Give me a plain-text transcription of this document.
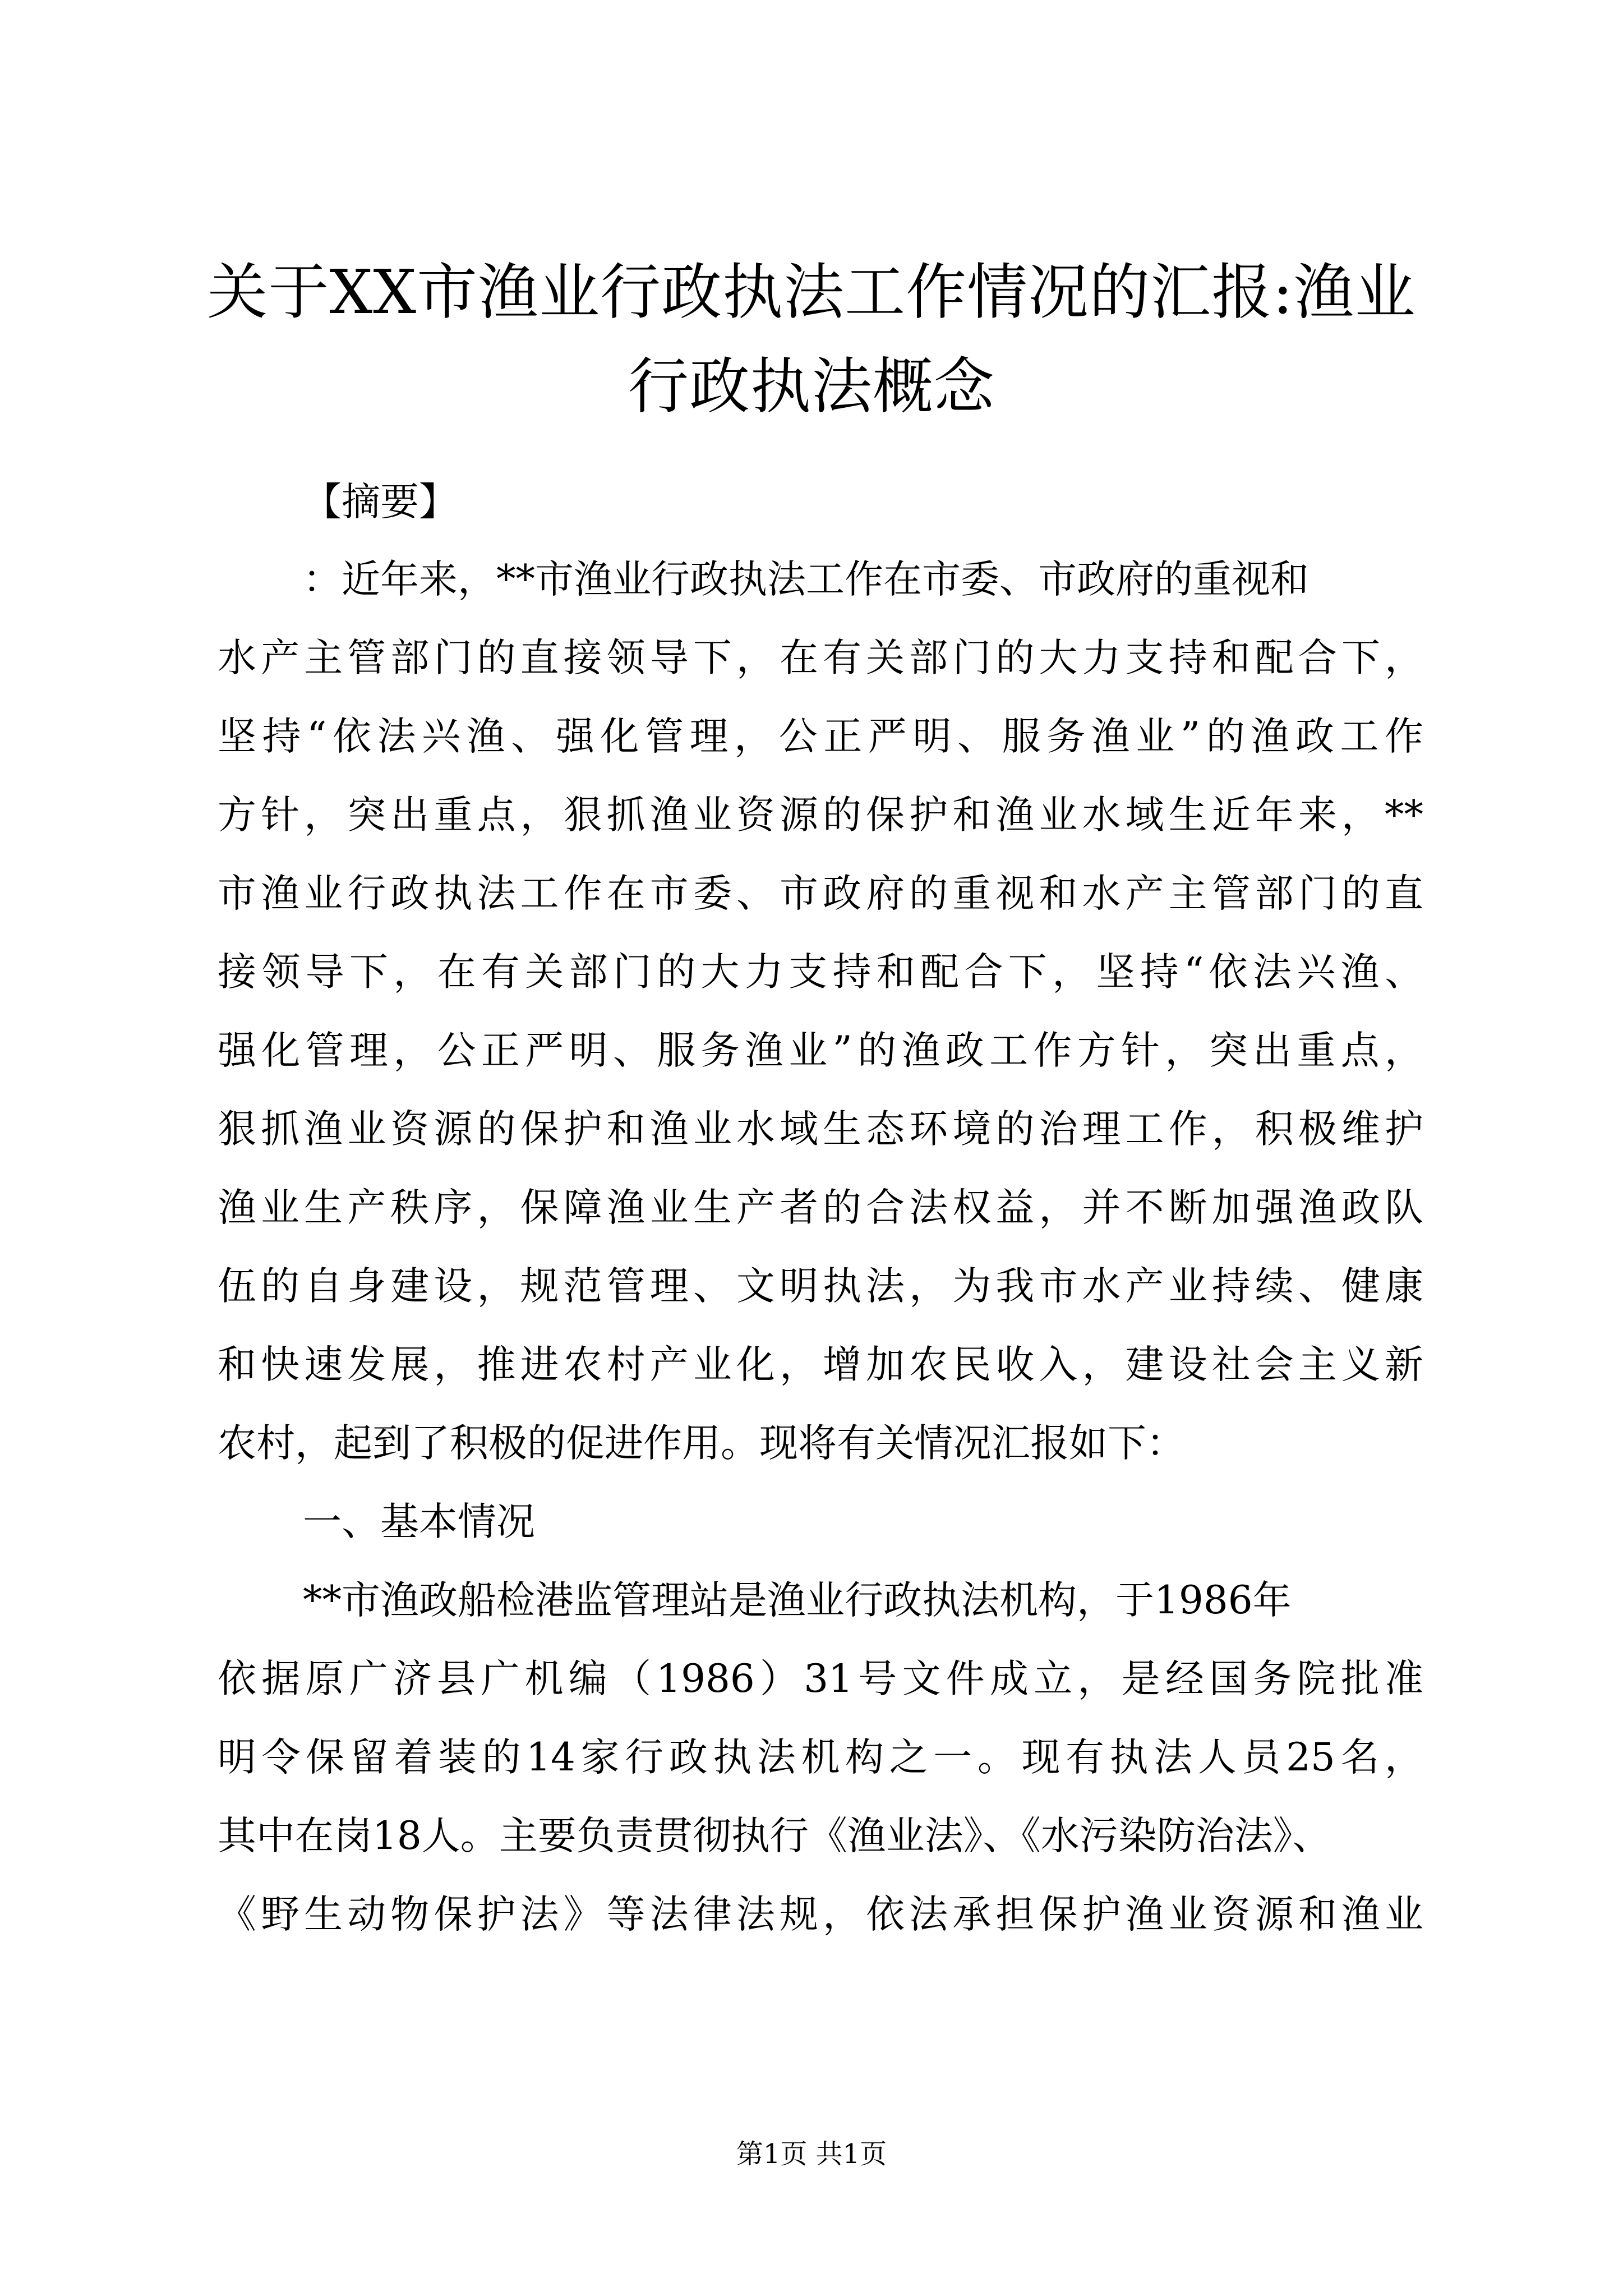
关于XX市渔业行政执法工作情况的汇报:渔业
行政执法概念
【摘要】
：近年来，**市渔业行政执法工作在市委、市政府的重视和
水产主管部门的直接领导下，在有关部门的大力支持和配合下，
坚持“依法兴渔、强化管理，公正严明、服务渔业”的渔政工作
方针，突出重点，狠抓渔业资源的保护和渔业水域生近年来，**
市渔业行政执法工作在市委、市政府的重视和水产主管部门的直
接领导下，在有关部门的大力支持和配合下，坚持“依法兴渔、
强化管理，公正严明、服务渔业”的渔政工作方针，突出重点，
狠抓渔业资源的保护和渔业水域生态环境的治理工作，积极维护
渔业生产秩序，保障渔业生产者的合法权益，并不断加强渔政队
伍的自身建设，规范管理、文明执法，为我市水产业持续、健康
和快速发展，推进农村产业化，增加农民收入，建设社会主义新
农村，起到了积极的促进作用。现将有关情况汇报如下：
一、基本情况
**市渔政船检港监管理站是渔业行政执法机构，于1986年
依据原广济县广机编（1986）31号文件成立，是经国务院批准
明令保留着装的14家行政执法机构之一。现有执法人员25名，
其中在岗18人。主要负责贯彻执行《渔业法》、《水污染防治法》、
《野生动物保护法》等法律法规，依法承担保护渔业资源和渔业
第1页 共1页
